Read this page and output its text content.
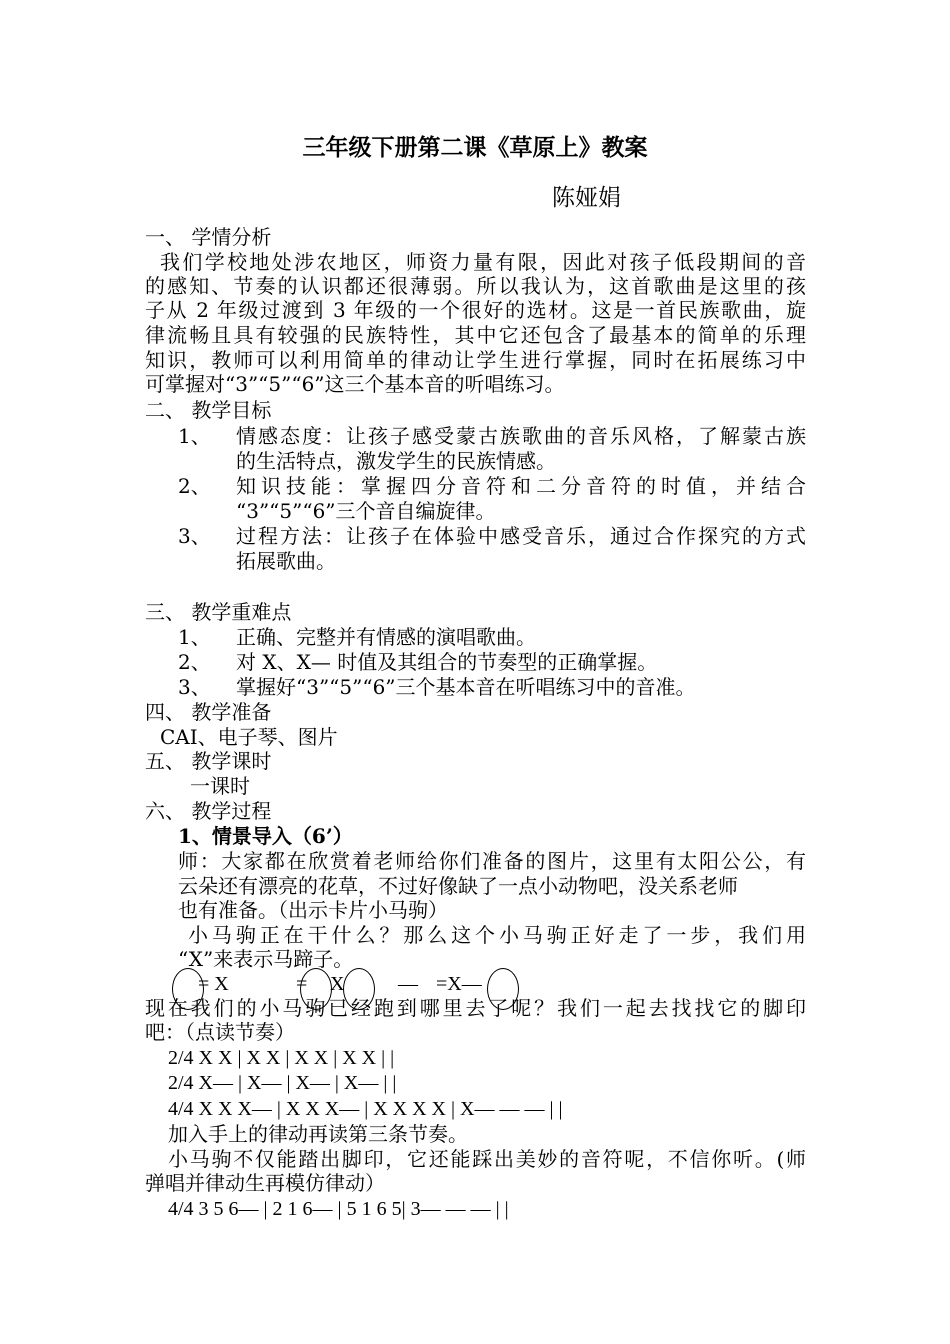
三年级下册第二课《草原上》教案
陈娅娟
一、 学情分析
我们学校地处涉农地区，师资力量有限，因此对孩子低段期间的音
的感知、节奏的认识都还很薄弱。所以我认为，这首歌曲是这里的孩
子从 2 年级过渡到 3 年级的一个很好的选材。这是一首民族歌曲，旋
律流畅且具有较强的民族特性，其中它还包含了最基本的简单的乐理
知识，教师可以利用简单的律动让学生进行掌握，同时在拓展练习中
可掌握对“3”“5”“6”这三个基本音的听唱练习。
二、 教学目标
1、 情感态度：让孩子感受蒙古族歌曲的音乐风格，了解蒙古族
的生活特点，激发学生的民族情感。
2、 知识技能：掌握四分音符和二分音符的时值，并结合
“3”“5”“6”三个音自编旋律。
3、 过程方法：让孩子在体验中感受音乐，通过合作探究的方式
拓展歌曲。
三、 教学重难点
1、 正确、完整并有情感的演唱歌曲。
2、 对 X、X— 时值及其组合的节奏型的正确掌握。
3、 掌握好“3”“5”“6”三个基本音在听唱练习中的音准。
四、 教学准备
CAI、电子琴、图片
五、 教学课时
一课时
六、 教学过程
1、情景导入（6’）
师：大家都在欣赏着老师给你们准备的图片，这里有太阳公公，有
云朵还有漂亮的花草，不过好像缺了一点小动物吧，没关系老师
也有准备。（出示卡片小马驹）
小马驹正在干什么？那么这个小马驹正好走了一步，我们用
“X”来表示马蹄子。
= X	= X	— =X—
现在我们的小马驹已经跑到哪里去了呢？我们一起去找找它的脚印
吧：（点读节奏）
2/4 X X | X X | X X | X X | |
2/4 X— | X— | X— | X— | |
4/4 X X X— | X X X— | X X X X | X— — — | |
加入手上的律动再读第三条节奏。
小马驹不仅能踏出脚印，它还能踩出美妙的音符呢，不信你听。(师
弹唱并律动生再模仿律动）
4/4 3 5 6— | 2 1 6— | 5 1 6 5| 3— — — | |
